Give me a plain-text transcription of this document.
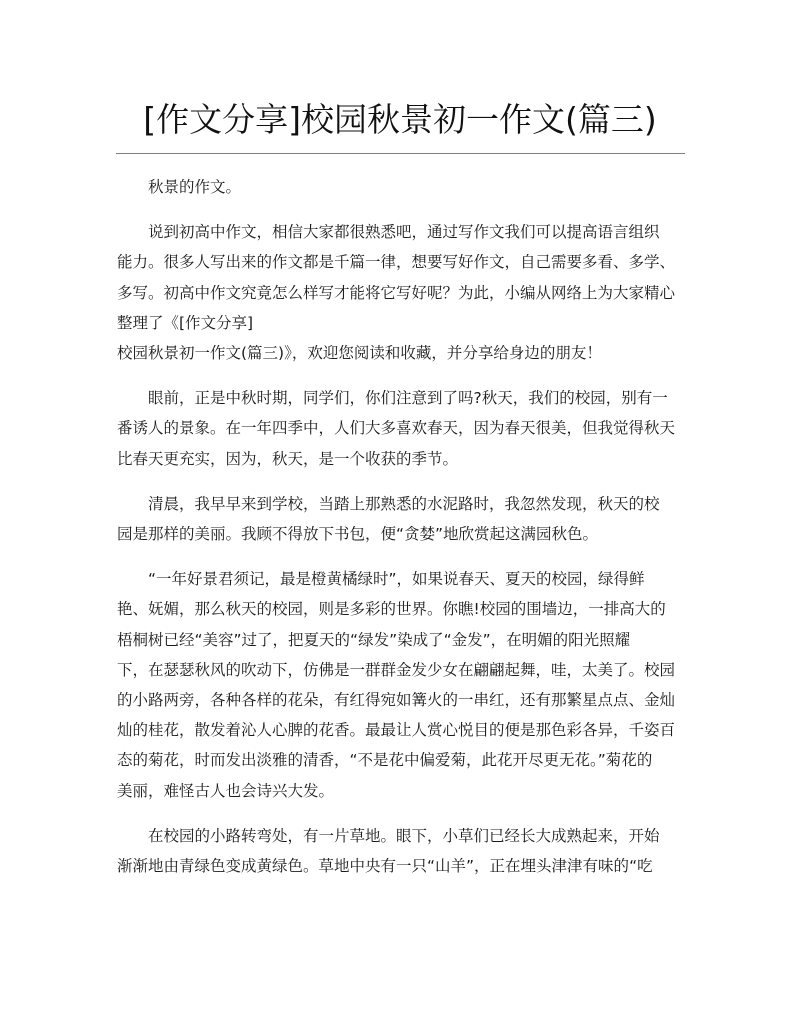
[作文分享]校园秋景初一作文(篇三)
秋景的作文。
说到初高中作文，相信大家都很熟悉吧，通过写作文我们可以提高语言组织
能力。很多人写出来的作文都是千篇一律，想要写好作文，自己需要多看、多学、
多写。初高中作文究竟怎么样写才能将它写好呢？为此，小编从网络上为大家精心
整理了《[作文分享]
校园秋景初一作文(篇三)》，欢迎您阅读和收藏，并分享给身边的朋友！
眼前，正是中秋时期，同学们，你们注意到了吗?秋天，我们的校园，别有一
番诱人的景象。在一年四季中，人们大多喜欢春天，因为春天很美，但我觉得秋天
比春天更充实，因为，秋天，是一个收获的季节。
清晨，我早早来到学校，当踏上那熟悉的水泥路时，我忽然发现，秋天的校
园是那样的美丽。我顾不得放下书包，便“贪婪”地欣赏起这满园秋色。
“一年好景君须记，最是橙黄橘绿时”，如果说春天、夏天的校园，绿得鲜
艳、妩媚，那么秋天的校园，则是多彩的世界。你瞧!校园的围墙边，一排高大的
梧桐树已经“美容”过了，把夏天的“绿发”染成了“金发”，在明媚的阳光照耀
下，在瑟瑟秋风的吹动下，仿佛是一群群金发少女在翩翩起舞，哇，太美了。校园
的小路两旁，各种各样的花朵，有红得宛如篝火的一串红，还有那繁星点点、金灿
灿的桂花，散发着沁人心脾的花香。最最让人赏心悦目的便是那色彩各异，千姿百
态的菊花，时而发出淡雅的清香，“不是花中偏爱菊，此花开尽更无花。”菊花的
美丽，难怪古人也会诗兴大发。
在校园的小路转弯处，有一片草地。眼下，小草们已经长大成熟起来，开始
渐渐地由青绿色变成黄绿色。草地中央有一只“山羊”，正在埋头津津有味的“吃
